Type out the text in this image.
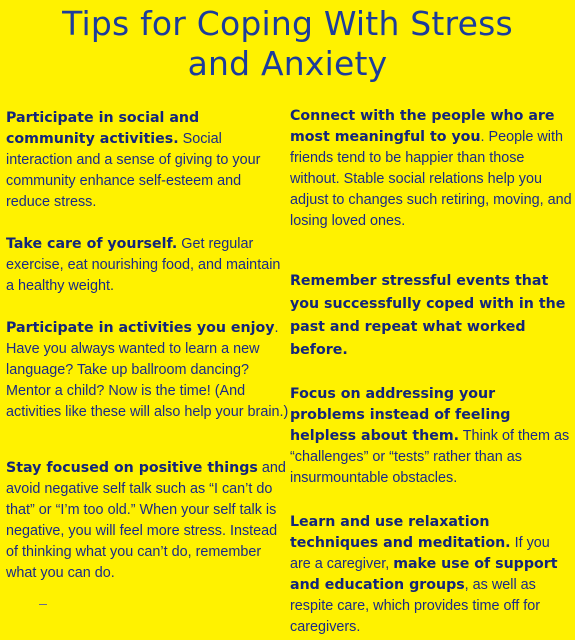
Tips for Coping With Stress
and Anxiety

Participate in social and community activities. Social interaction and a sense of giving to your community enhance self-esteem and reduce stress.

Take care of yourself. Get regular exercise, eat nourishing food, and maintain a healthy weight.

Participate in activities you enjoy. Have you always wanted to learn a new language? Take up ballroom dancing? Mentor a child? Now is the time! (And activities like these will also help your brain.)

Stay focused on positive things and avoid negative self talk such as “I can’t do that” or “I’m too old.” When your self talk is negative, you will feel more stress. Instead of thinking what you can’t do, remember what you can do.

Connect with the people who are most meaningful to you. People with friends tend to be happier than those without. Stable social relations help you adjust to changes such retiring, moving, and losing loved ones.

Remember stressful events that you successfully coped with in the past and repeat what worked before.

Focus on addressing your problems instead of feeling helpless about them. Think of them as “challenges” or “tests” rather than as insurmountable obstacles.

Learn and use relaxation techniques and meditation. If you are a caregiver, make use of support and education groups, as well as respite care, which provides time off for caregivers.
